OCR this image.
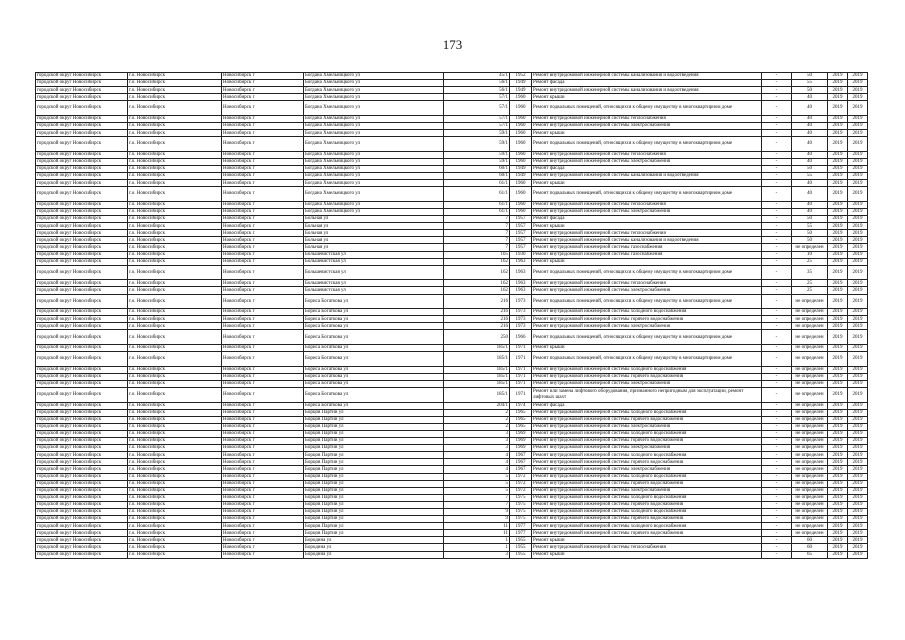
173
городской округ Новосибирск	г.о. Новосибирск	Новосибирск г	Богдана Хмельницкого ул	45/1	1952	Ремонт внутридомовой инженерной системы канализования и водоотведения	-	50	2019	2019
городской округ Новосибирск	г.о. Новосибирск	Новосибирск г	Богдана Хмельницкого ул	56/1	1949	Ремонт фасада	-	55	2019	2019
городской округ Новосибирск	г.о. Новосибирск	Новосибирск г	Богдана Хмельницкого ул	56/1	1949	Ремонт внутридомовой инженерной системы канализования и водоотведения	-	50	2019	2019
городской округ Новосибирск	г.о. Новосибирск	Новосибирск г	Богдана Хмельницкого ул	57/1	1960	Ремонт крыши	-	40	2019	2019
городской округ Новосибирск	г.о. Новосибирск	Новосибирск г	Богдана Хмельницкого ул	57/1	1960	Ремонт подвальных помещений, относящихся к общему имуществу в многоквартирном доме	-	40	2019	2019
городской округ Новосибирск	г.о. Новосибирск	Новосибирск г	Богдана Хмельницкого ул	57/1	1960	Ремонт внутридомовой инженерной системы теплоснабжения	-	40	2019	2019
городской округ Новосибирск	г.о. Новосибирск	Новосибирск г	Богдана Хмельницкого ул	57/1	1960	Ремонт внутридомовой инженерной системы электроснабжения	-	40	2019	2019
городской округ Новосибирск	г.о. Новосибирск	Новосибирск г	Богдана Хмельницкого ул	59/1	1960	Ремонт крыши	-	40	2019	2019
городской округ Новосибирск	г.о. Новосибирск	Новосибирск г	Богдана Хмельницкого ул	59/1	1960	Ремонт подвальных помещений, относящихся к общему имуществу в многоквартирном доме	-	40	2019	2019
городской округ Новосибирск	г.о. Новосибирск	Новосибирск г	Богдана Хмельницкого ул	59/1	1960	Ремонт внутридомовой инженерной системы теплоснабжения	-	40	2019	2019
городской округ Новосибирск	г.о. Новосибирск	Новосибирск г	Богдана Хмельницкого ул	59/1	1960	Ремонт внутридомовой инженерной системы электроснабжения	-	40	2019	2019
городской округ Новосибирск	г.о. Новосибирск	Новосибирск г	Богдана Хмельницкого ул	60/1	1949	Ремонт фасада	-	50	2019	2019
городской округ Новосибирск	г.о. Новосибирск	Новосибирск г	Богдана Хмельницкого ул	60/1	1949	Ремонт внутридомовой инженерной системы канализования и водоотведения	-	55	2019	2019
городской округ Новосибирск	г.о. Новосибирск	Новосибирск г	Богдана Хмельницкого ул	61/1	1960	Ремонт крыши	-	40	2019	2019
городской округ Новосибирск	г.о. Новосибирск	Новосибирск г	Богдана Хмельницкого ул	61/1	1960	Ремонт подвальных помещений, относящихся к общему имуществу в многоквартирном доме	-	40	2019	2019
городской округ Новосибирск	г.о. Новосибирск	Новосибирск г	Богдана Хмельницкого ул	61/1	1960	Ремонт внутридомовой инженерной системы теплоснабжения	-	40	2019	2019
городской округ Новосибирск	г.о. Новосибирск	Новосибирск г	Богдана Хмельницкого ул	61/1	1960	Ремонт внутридомовой инженерной системы электроснабжения	-	40	2019	2019
городской округ Новосибирск	г.о. Новосибирск	Новосибирск г	Больная ул	7	1957	Ремонт фасада	-	50	2019	2019
городской округ Новосибирск	г.о. Новосибирск	Новосибирск г	Больная ул	7	1957	Ремонт крыши	-	55	2019	2019
городской округ Новосибирск	г.о. Новосибирск	Новосибирск г	Больная ул	7	1957	Ремонт внутридомовой инженерной системы теплоснабжения	-	50	2019	2019
городской округ Новосибирск	г.о. Новосибирск	Новосибирск г	Больная ул	7	1957	Ремонт внутридомовой инженерной системы канализования и водоотведения	-	50	2019	2019
городской округ Новосибирск	г.о. Новосибирск	Новосибирск г	Больная ул	7	1957	Ремонт внутридомовой инженерной системы газоснабжения	-	не определен	2019	2019
городской округ Новосибирск	г.о. Новосибирск	Новосибирск г	Большевистская ул	105	1930	Ремонт внутридомовой инженерной системы газоснабжения	-	10	2019	2019
городской округ Новосибирск	г.о. Новосибирск	Новосибирск г	Большевистская ул	162	1963	Ремонт крыши	-	25	2019	2019
городской округ Новосибирск	г.о. Новосибирск	Новосибирск г	Большевистская ул	162	1963	Ремонт подвальных помещений, относящихся к общему имуществу в многоквартирном доме	-	35	2019	2019
городской округ Новосибирск	г.о. Новосибирск	Новосибирск г	Большевистская ул	162	1963	Ремонт внутридомовой инженерной системы теплоснабжения	-	25	2019	2019
городской округ Новосибирск	г.о. Новосибирск	Новосибирск г	Большевистская ул	162	1963	Ремонт внутридомовой инженерной системы электроснабжения	-	25	2019	2019
городской округ Новосибирск	г.о. Новосибирск	Новосибирск г	Бориса Богаткова ул	216	1973	Ремонт подвальных помещений, относящихся к общему имуществу в многоквартирном доме	-	не определен	2019	2019
городской округ Новосибирск	г.о. Новосибирск	Новосибирск г	Бориса Богаткова ул	216	1973	Ремонт внутридомовой инженерной системы холодного водоснабжения	-	не определен	2019	2019
городской округ Новосибирск	г.о. Новосибирск	Новосибирск г	Бориса Богаткова ул	216	1973	Ремонт внутридомовой инженерной системы горячего водоснабжения	-	не определен	2019	2019
городской округ Новосибирск	г.о. Новосибирск	Новосибирск г	Бориса Богаткова ул	216	1973	Ремонт внутридомовой инженерной системы электроснабжения	-	не определен	2019	2019
городской округ Новосибирск	г.о. Новосибирск	Новосибирск г	Бориса Богаткова ул	250	1966	Ремонт подвальных помещений, относящихся к общему имуществу в многоквартирном доме	-	не определен	2019	2019
городской округ Новосибирск	г.о. Новосибирск	Новосибирск г	Бориса Богаткова ул	185/1	1971	Ремонт крыши	-	не определен	2019	2019
городской округ Новосибирск	г.о. Новосибирск	Новосибирск г	Бориса Богаткова ул	185/1	1971	Ремонт подвальных помещений, относящихся к общему имуществу в многоквартирном доме	-	не определен	2019	2019
городской округ Новосибирск	г.о. Новосибирск	Новосибирск г	Бориса Богаткова ул	185/1	1971	Ремонт внутридомовой инженерной системы холодного водоснабжения	-	не определен	2019	2019
городской округ Новосибирск	г.о. Новосибирск	Новосибирск г	Бориса Богаткова ул	185/1	1971	Ремонт внутридомовой инженерной системы горячего водоснабжения	-	не определен	2019	2019
городской округ Новосибирск	г.о. Новосибирск	Новосибирск г	Бориса Богаткова ул	185/1	1971	Ремонт внутридомовой инженерной системы электроснабжения	-	не определен	2019	2019
городской округ Новосибирск	г.о. Новосибирск	Новосибирск г	Бориса Богаткова ул	185/1	1971	Ремонт или замена лифтового оборудования, признанного непригодным для эксплуатации, ремонт лифтовых шахт	-	не определен	2019	2019
городской округ Новосибирск	г.о. Новосибирск	Новосибирск г	Бориса Богаткова ул	204/1	1974	Ремонт фасада	-	не определен	2019	2019
городской округ Новосибирск	г.о. Новосибирск	Новосибирск г	Борцов Партии ул	2	1965	Ремонт внутридомовой инженерной системы холодного водоснабжения	-	не определен	2019	2019
городской округ Новосибирск	г.о. Новосибирск	Новосибирск г	Борцов Партии ул	2	1965	Ремонт внутридомовой инженерной системы горячего водоснабжения	-	не определен	2019	2019
городской округ Новосибирск	г.о. Новосибирск	Новосибирск г	Борцов Партии ул	2	1965	Ремонт внутридомовой инженерной системы электроснабжения	-	не определен	2019	2019
городской округ Новосибирск	г.о. Новосибирск	Новосибирск г	Борцов Партии ул	3	1969	Ремонт внутридомовой инженерной системы холодного водоснабжения	-	не определен	2019	2019
городской округ Новосибирск	г.о. Новосибирск	Новосибирск г	Борцов Партии ул	3	1969	Ремонт внутридомовой инженерной системы горячего водоснабжения	-	не определен	2019	2019
городской округ Новосибирск	г.о. Новосибирск	Новосибирск г	Борцов Партии ул	3	1969	Ремонт внутридомовой инженерной системы электроснабжения	-	не определен	2019	2019
городской округ Новосибирск	г.о. Новосибирск	Новосибирск г	Борцов Партии ул	4	1967	Ремонт внутридомовой инженерной системы холодного водоснабжения	-	не определен	2019	2019
городской округ Новосибирск	г.о. Новосибирск	Новосибирск г	Борцов Партии ул	4	1967	Ремонт внутридомовой инженерной системы горячего водоснабжения	-	не определен	2019	2019
городской округ Новосибирск	г.о. Новосибирск	Новосибирск г	Борцов Партии ул	4	1967	Ремонт внутридомовой инженерной системы электроснабжения	-	не определен	2019	2019
городской округ Новосибирск	г.о. Новосибирск	Новосибирск г	Борцов Партии ул	5	1972	Ремонт внутридомовой инженерной системы холодного водоснабжения	-	не определен	2019	2019
городской округ Новосибирск	г.о. Новосибирск	Новосибирск г	Борцов Партии ул	5	1972	Ремонт внутридомовой инженерной системы горячего водоснабжения	-	не определен	2019	2019
городской округ Новосибирск	г.о. Новосибирск	Новосибирск г	Борцов Партии ул	5	1972	Ремонт внутридомовой инженерной системы электроснабжения	-	не определен	2019	2019
городской округ Новосибирск	г.о. Новосибирск	Новосибирск г	Борцов Партии ул	7	1975	Ремонт внутридомовой инженерной системы холодного водоснабжения	-	не определен	2019	2019
городской округ Новосибирск	г.о. Новосибирск	Новосибирск г	Борцов Партии ул	7	1975	Ремонт внутридомовой инженерной системы горячего водоснабжения	-	не определен	2019	2019
городской округ Новосибирск	г.о. Новосибирск	Новосибирск г	Борцов Партии ул	9	1975	Ремонт внутридомовой инженерной системы холодного водоснабжения	-	не определен	2019	2019
городской округ Новосибирск	г.о. Новосибирск	Новосибирск г	Борцов Партии ул	9	1975	Ремонт внутридомовой инженерной системы горячего водоснабжения	-	не определен	2019	2019
городской округ Новосибирск	г.о. Новосибирск	Новосибирск г	Борцов Партии ул	11	1977	Ремонт внутридомовой инженерной системы холодного водоснабжения	-	не определен	2019	2019
городской округ Новосибирск	г.о. Новосибирск	Новосибирск г	Борцов Партии ул	11	1977	Ремонт внутридомовой инженерной системы горячего водоснабжения	-	не определен	2019	2019
городской округ Новосибирск	г.о. Новосибирск	Новосибирск г	Бородина ул	1	1955	Ремонт крыши	-	60	2019	2019
городской округ Новосибирск	г.о. Новосибирск	Новосибирск г	Бородина ул	1	1955	Ремонт внутридомовой инженерной системы теплоснабжения	-	60	2019	2019
городской округ Новосибирск	г.о. Новосибирск	Новосибирск г	Бородина ул	3	1955	Ремонт крыши	-	65	2019	2019
